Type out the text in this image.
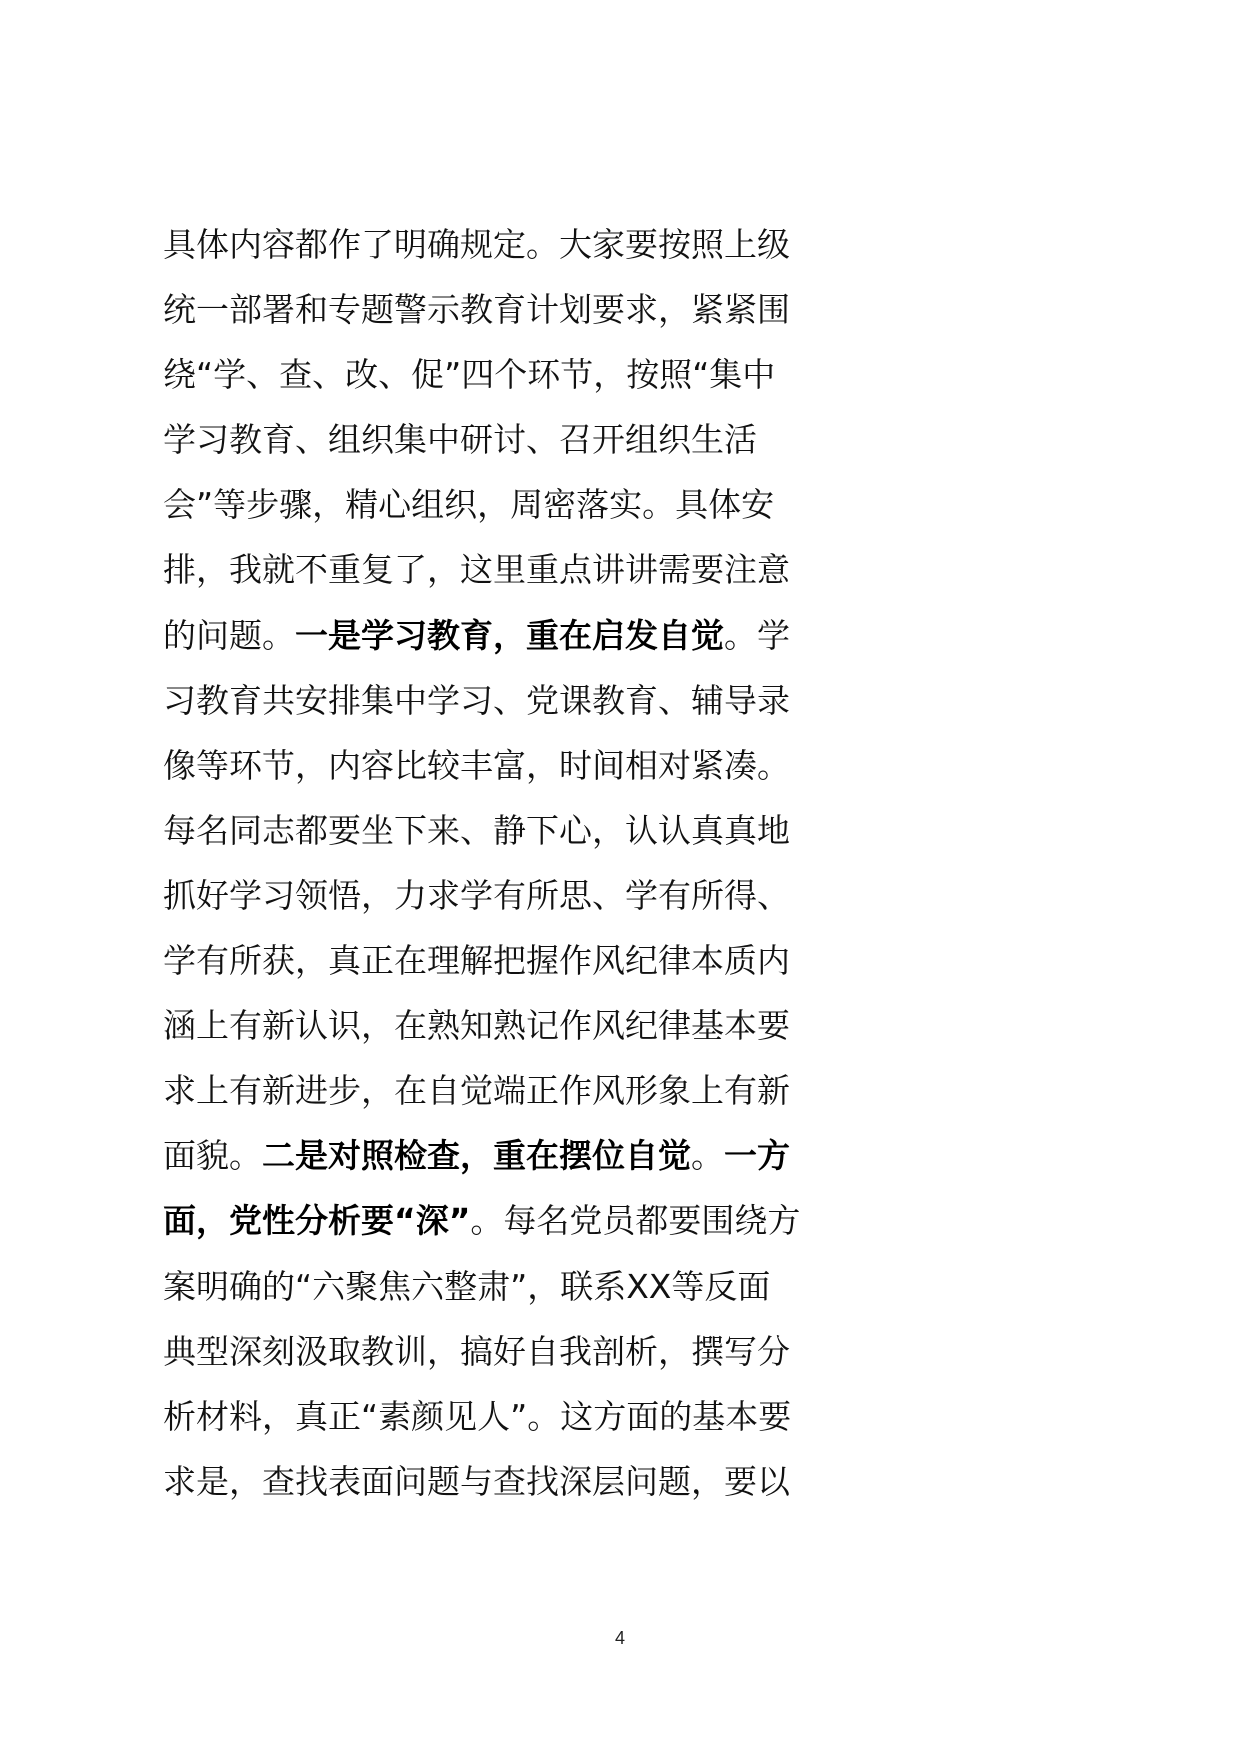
具体内容都作了明确规定。大家要按照上级
统一部署和专题警示教育计划要求，紧紧围
绕“学、查、改、促”四个环节，按照“集中
学习教育、组织集中研讨、召开组织生活
会”等步骤，精心组织，周密落实。具体安
排，我就不重复了，这里重点讲讲需要注意
的问题。一是学习教育，重在启发自觉。学
习教育共安排集中学习、党课教育、辅导录
像等环节，内容比较丰富，时间相对紧凑。
每名同志都要坐下来、静下心，认认真真地
抓好学习领悟，力求学有所思、学有所得、
学有所获，真正在理解把握作风纪律本质内
涵上有新认识，在熟知熟记作风纪律基本要
求上有新进步，在自觉端正作风形象上有新
面貌。二是对照检查，重在摆位自觉。一方
面，党性分析要“深”。每名党员都要围绕方
案明确的“六聚焦六整肃”，联系XX等反面
典型深刻汲取教训，搞好自我剖析，撰写分
析材料，真正“素颜见人”。这方面的基本要
求是，查找表面问题与查找深层问题，要以
4
